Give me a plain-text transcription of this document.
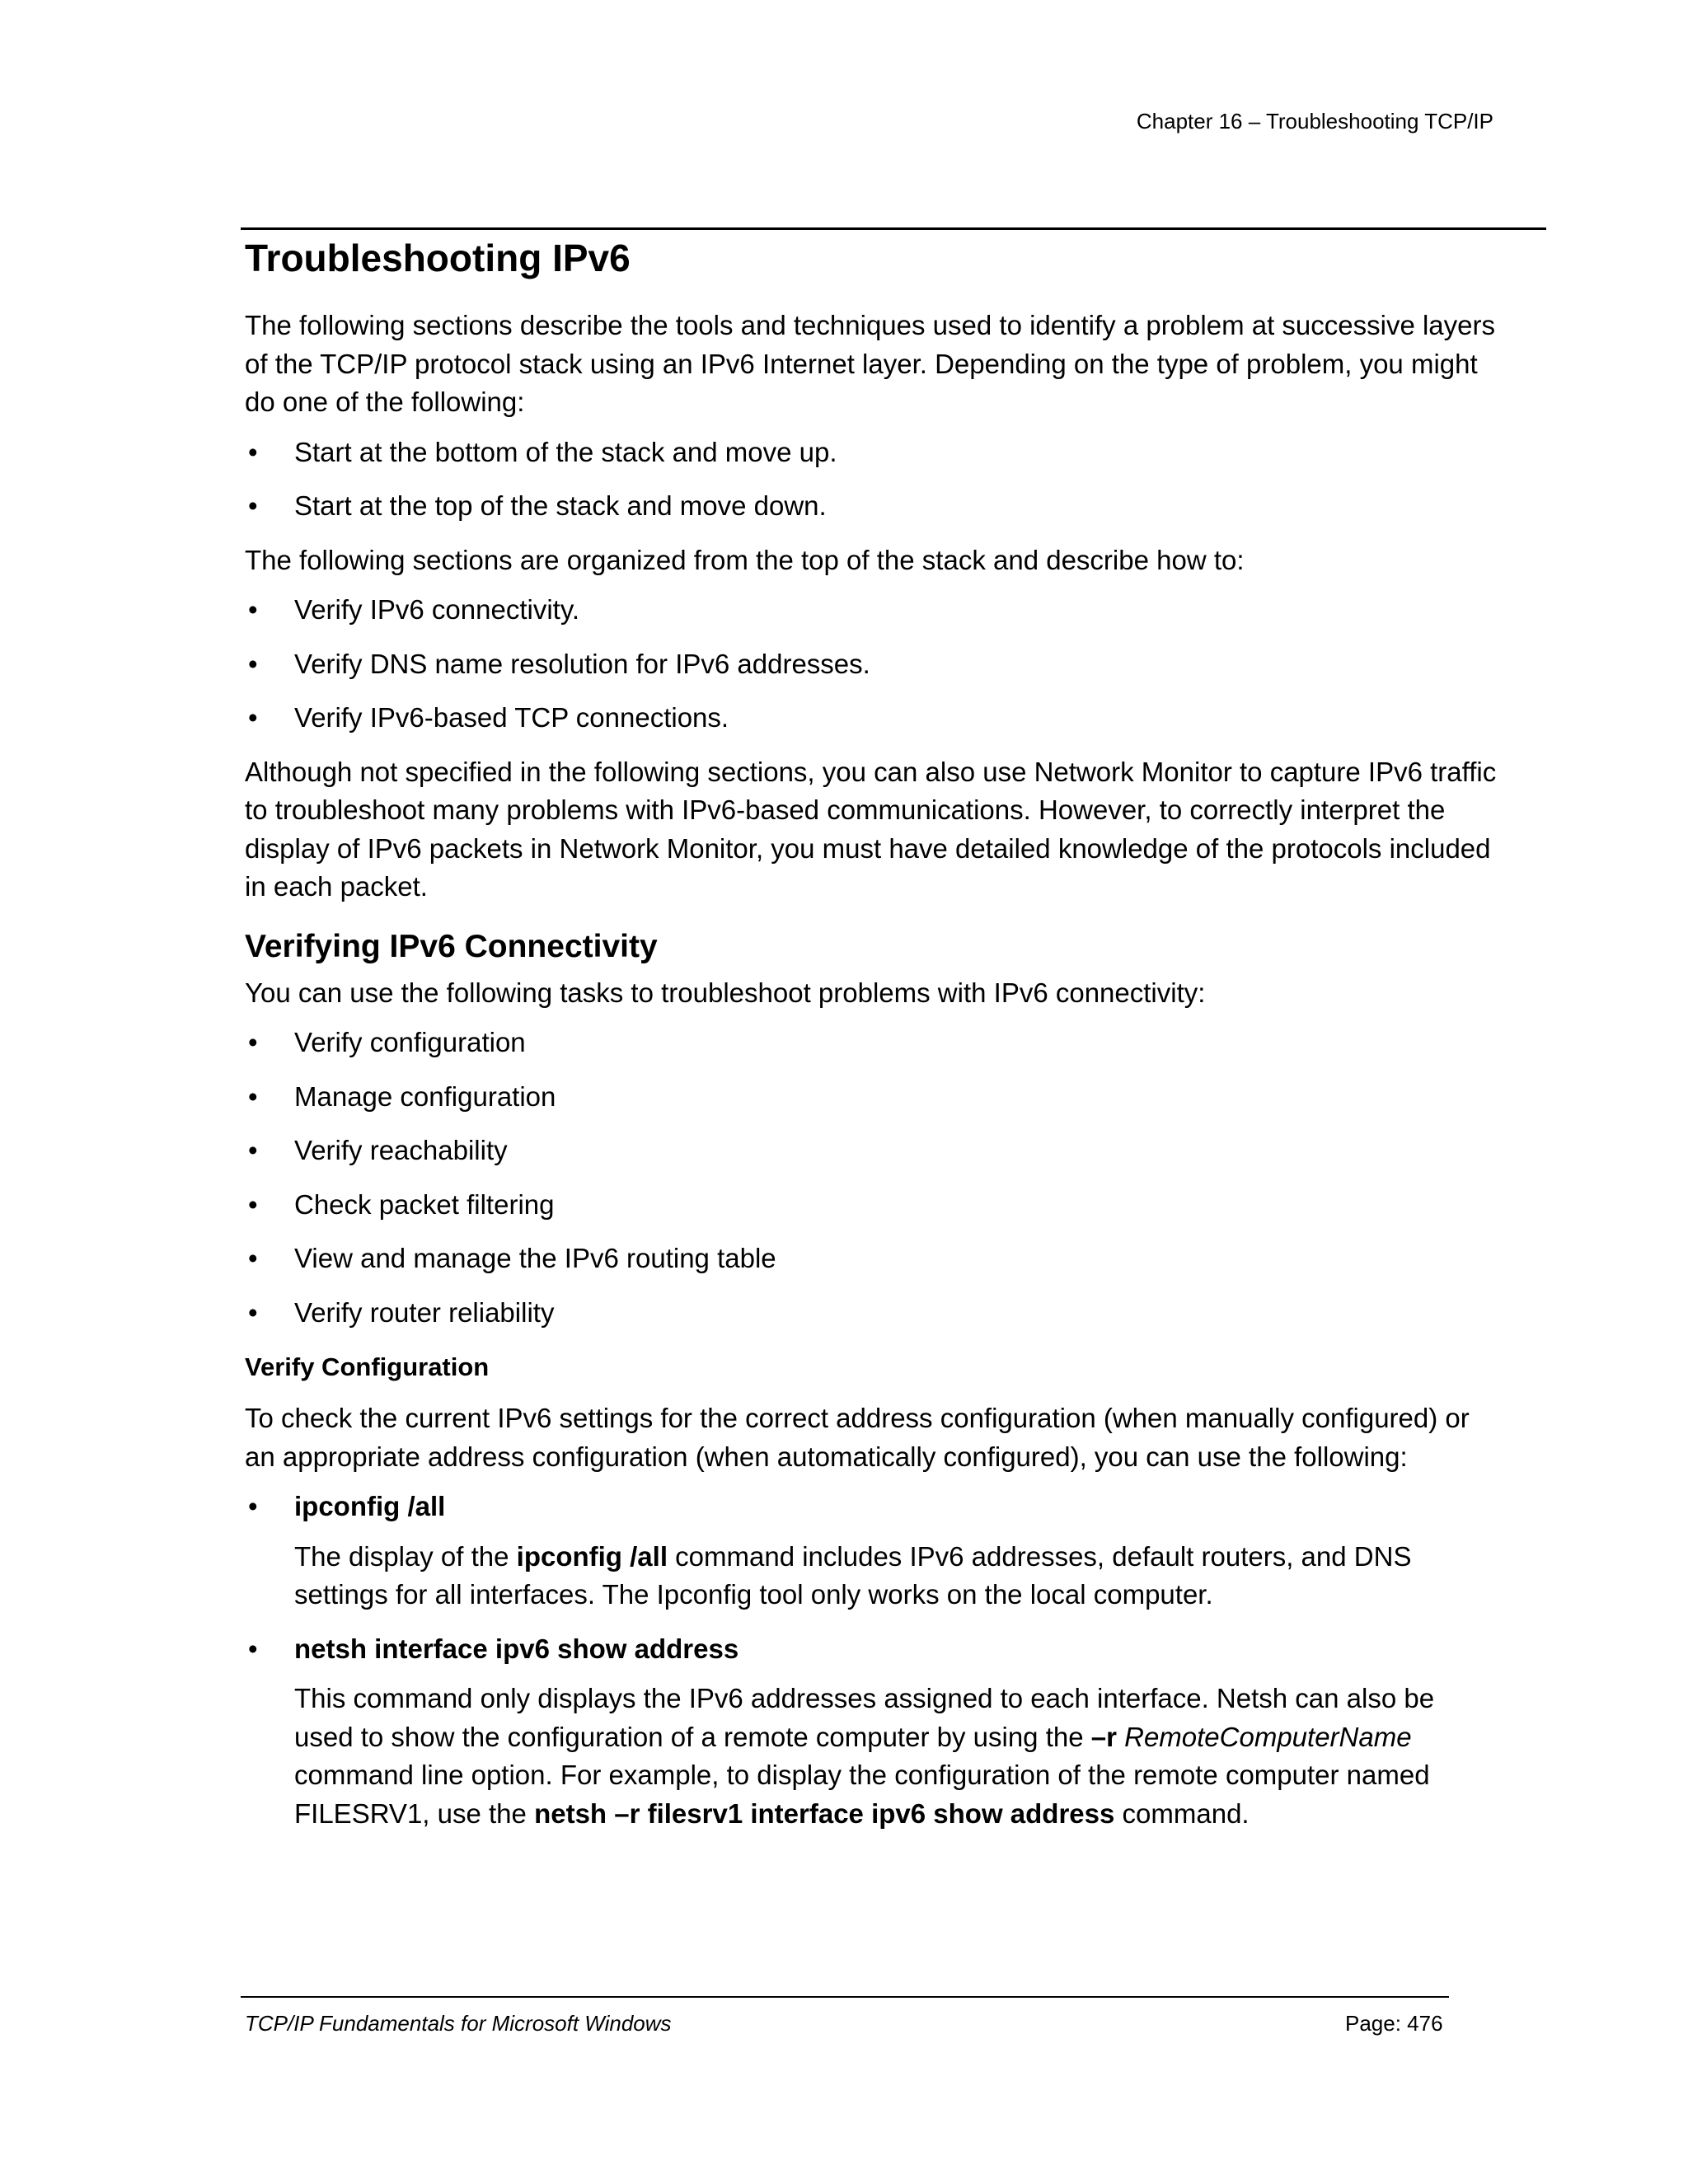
Chapter 16 – Troubleshooting TCP/IP
Troubleshooting IPv6

The following sections describe the tools and techniques used to identify a problem at successive layers of the TCP/IP protocol stack using an IPv6 Internet layer. Depending on the type of problem, you might do one of the following:

• Start at the bottom of the stack and move up.
• Start at the top of the stack and move down.

The following sections are organized from the top of the stack and describe how to:

• Verify IPv6 connectivity.
• Verify DNS name resolution for IPv6 addresses.
• Verify IPv6-based TCP connections.

Although not specified in the following sections, you can also use Network Monitor to capture IPv6 traffic to troubleshoot many problems with IPv6-based communications. However, to correctly interpret the display of IPv6 packets in Network Monitor, you must have detailed knowledge of the protocols included in each packet.

Verifying IPv6 Connectivity

You can use the following tasks to troubleshoot problems with IPv6 connectivity:

• Verify configuration
• Manage configuration
• Verify reachability
• Check packet filtering
• View and manage the IPv6 routing table
• Verify router reliability
Verify Configuration

To check the current IPv6 settings for the correct address configuration (when manually configured) or an appropriate address configuration (when automatically configured), you can use the following:

• ipconfig /all
The display of the ipconfig /all command includes IPv6 addresses, default routers, and DNS settings for all interfaces. The Ipconfig tool only works on the local computer.
• netsh interface ipv6 show address
This command only displays the IPv6 addresses assigned to each interface. Netsh can also be used to show the configuration of a remote computer by using the –r RemoteComputerName command line option. For example, to display the configuration of the remote computer named FILESRV1, use the netsh –r filesrv1 interface ipv6 show address command.
TCP/IP Fundamentals for Microsoft Windows	Page: 476
